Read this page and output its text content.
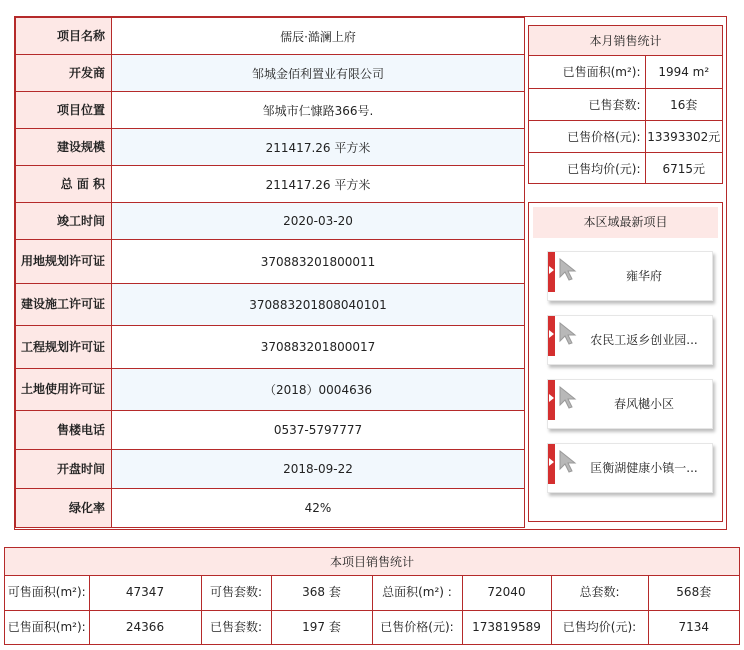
项目名称	儒辰·澔澜上府
开发商	邹城金佰利置业有限公司
项目位置	邹城市仁慷路366号.
建设规模	211417.26 平方米
总 面 积	211417.26 平方米
竣工时间	2020-03-20
用地规划许可证	370883201800011
建设施工许可证	370883201808040101
工程规划许可证	370883201800017
土地使用许可证	（2018）0004636
售楼电话	0537-5797777
开盘时间	2018-09-22
绿化率	42%
本月销售统计
已售面积(m²):	1994 m²
已售套数:	16套
已售价格(元):	13393302元
已售均价(元):	6715元
本区域最新项目
雍华府
农民工返乡创业园...
春风樾小区
匡衡湖健康小镇一...
本项目销售统计
可售面积(m²):	47347	可售套数:	368 套	总面积(m²) :	72040	总套数:	568套
已售面积(m²):	24366	已售套数:	197 套	已售价格(元):	173819589	已售均价(元):	7134
